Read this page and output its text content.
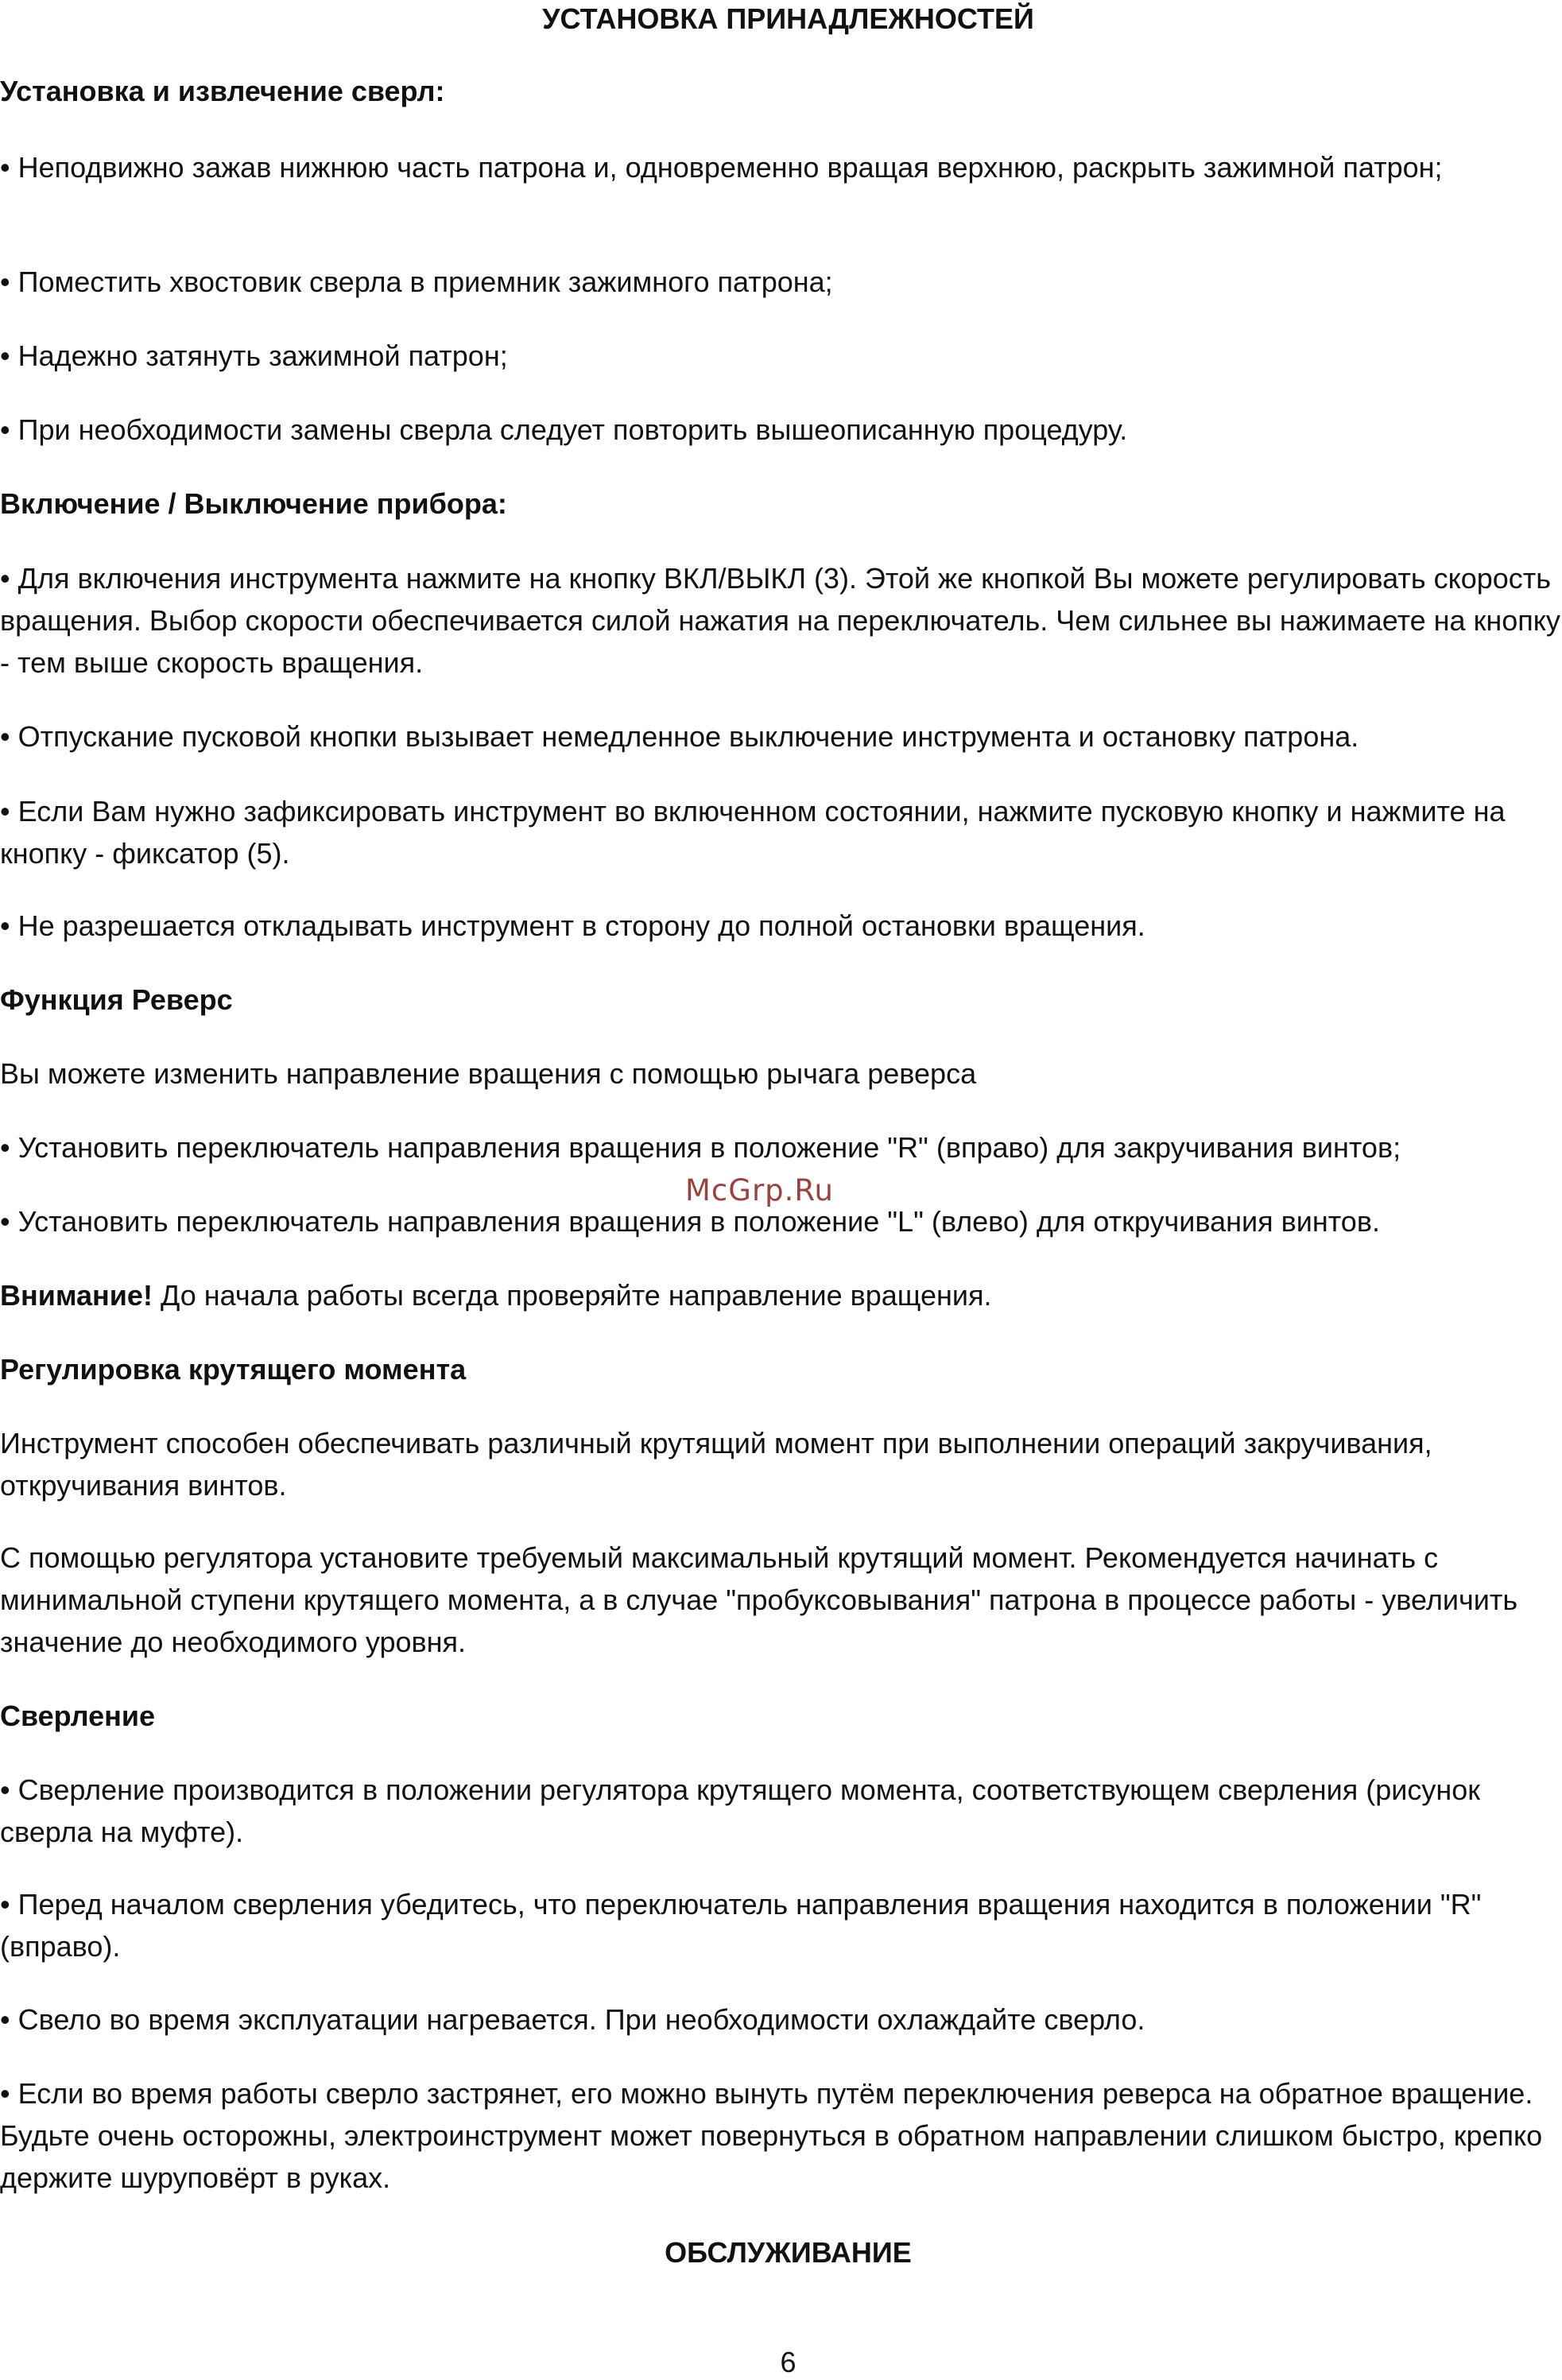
УСТАНОВКА ПРИНАДЛЕЖНОСТЕЙ

Установка и извлечение сверл:

• Неподвижно зажав нижнюю часть патрона и, одновременно вращая верхнюю, раскрыть зажимной патрон;

• Поместить хвостовик сверла в приемник зажимного патрона;

• Надежно затянуть зажимной патрон;

• При необходимости замены сверла следует повторить вышеописанную процедуру.

Включение / Выключение прибора:

• Для включения инструмента нажмите на кнопку ВКЛ/ВЫКЛ (3). Этой же кнопкой Вы можете регулировать скорость вращения. Выбор скорости обеспечивается силой нажатия на переключатель. Чем сильнее вы нажимаете на кнопку - тем выше скорость вращения.

• Отпускание пусковой кнопки вызывает немедленное выключение инструмента и остановку патрона.

• Если Вам нужно зафиксировать инструмент во включенном состоянии, нажмите пусковую кнопку и нажмите на кнопку - фиксатор (5).

• Не разрешается откладывать инструмент в сторону до полной остановки вращения.

Функция Реверс

Вы можете изменить направление вращения с помощью рычага реверса

• Установить переключатель направления вращения в положение "R" (вправо) для закручивания винтов;

• Установить переключатель направления вращения в положение "L" (влево) для откручивания винтов.

Внимание! До начала работы всегда проверяйте направление вращения.

Регулировка крутящего момента

Инструмент способен обеспечивать различный крутящий момент при выполнении операций закручивания, откручивания винтов.

С помощью регулятора установите требуемый максимальный крутящий момент. Рекомендуется начинать с минимальной ступени крутящего момента, а в случае "пробуксовывания" патрона в процессе работы - увеличить значение до необходимого уровня.

Сверление

• Сверление производится в положении регулятора крутящего момента, соответствующем сверления (рисунок сверла на муфте).

• Перед началом сверления убедитесь, что переключатель направления вращения находится в положении "R" (вправо).

• Свело во время эксплуатации нагревается. При необходимости охлаждайте сверло.

• Если во время работы сверло застрянет, его можно вынуть путём переключения реверса на обратное вращение. Будьте очень осторожны, электроинструмент может повернуться в обратном направлении слишком быстро, крепко держите шуруповёрт в руках.

ОБСЛУЖИВАНИЕ
McGrp.Ru
6
